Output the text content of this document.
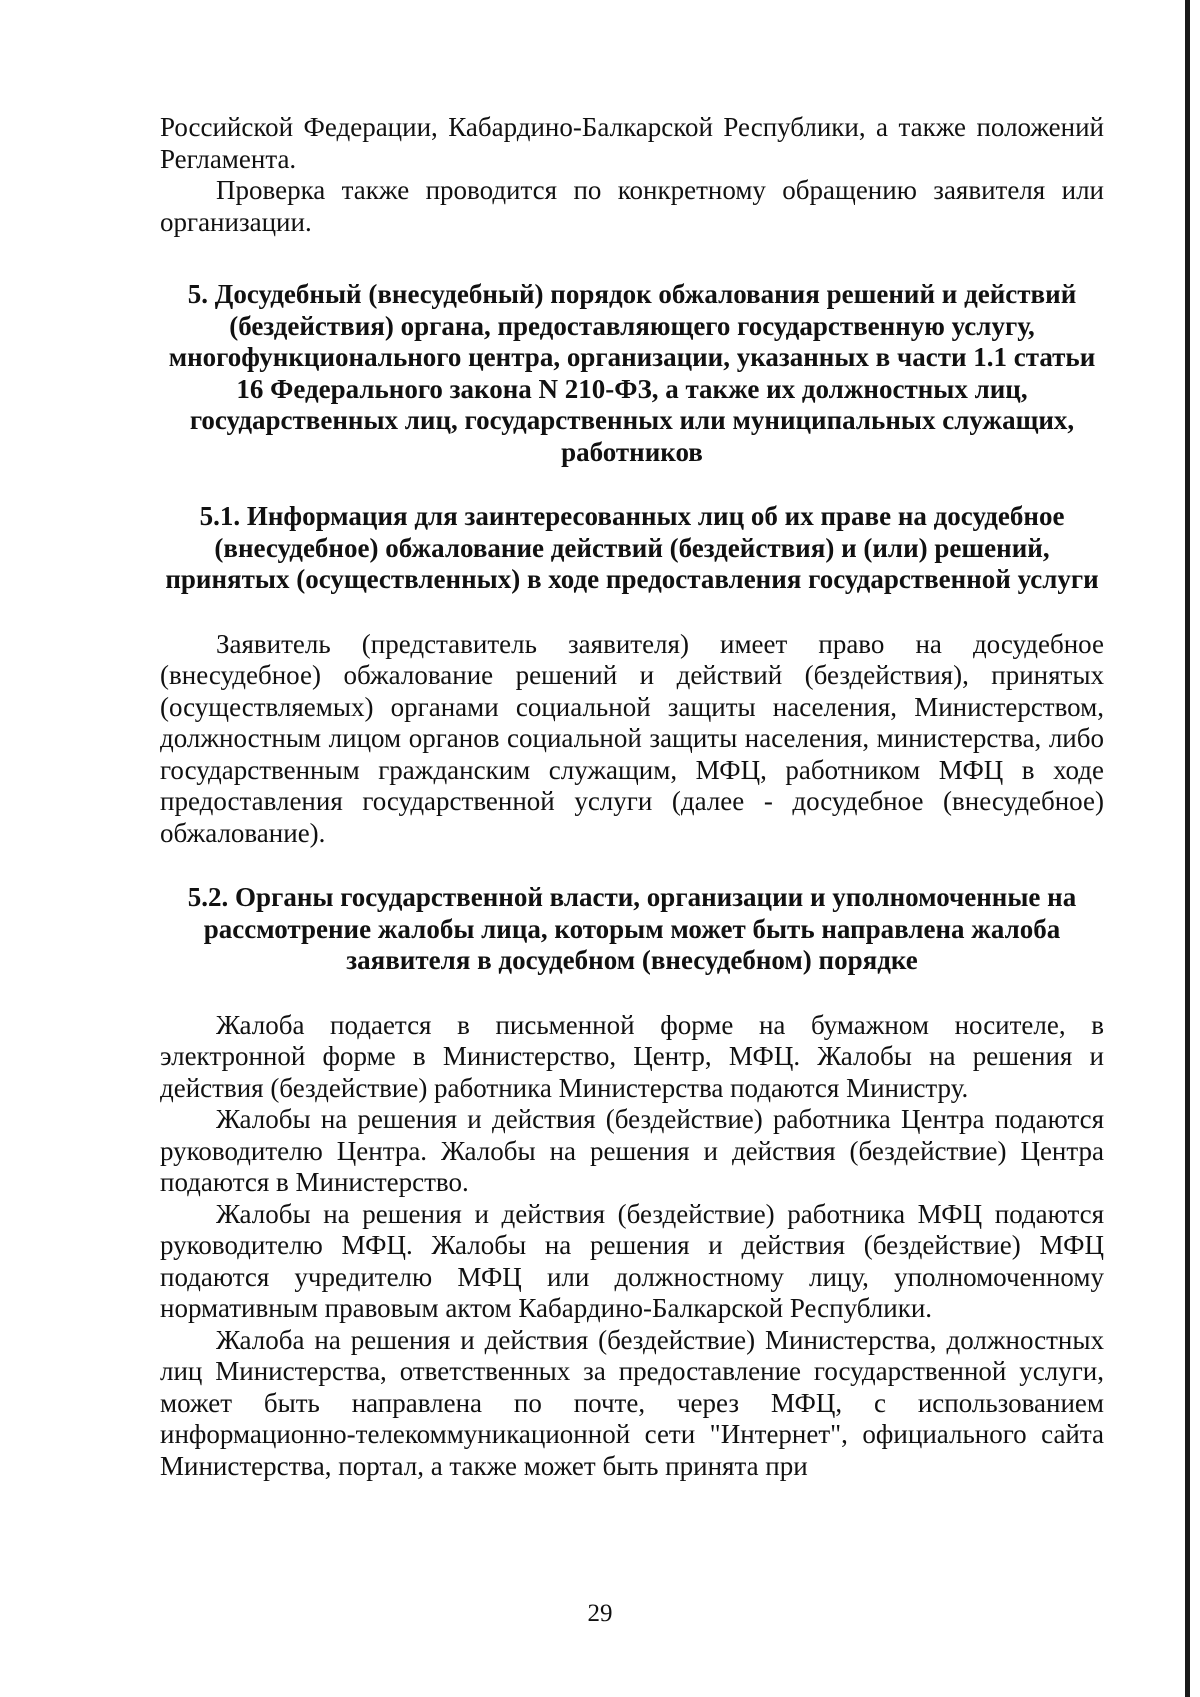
Российской Федерации, Кабардино-Балкарской Республики, а также положений Регламента.

Проверка также проводится по конкретному обращению заявителя или организации.

5. Досудебный (внесудебный) порядок обжалования решений и действий (бездействия) органа, предоставляющего государственную услугу, многофункционального центра, организации, указанных в части 1.1 статьи 16 Федерального закона N 210-ФЗ, а также их должностных лиц, государственных лиц, государственных или муниципальных служащих, работников
5.1. Информация для заинтересованных лиц об их праве на досудебное (внесудебное) обжалование действий (бездействия) и (или) решений, принятых (осуществленных) в ходе предоставления государственной услуги

Заявитель (представитель заявителя) имеет право на досудебное (внесудебное) обжалование решений и действий (бездействия), принятых (осуществляемых) органами социальной защиты населения, Министерством, должностным лицом органов социальной защиты населения, министерства, либо государственным гражданским служащим, МФЦ, работником МФЦ в ходе предоставления государственной услуги (далее - досудебное (внесудебное) обжалование).

5.2. Органы государственной власти, организации и уполномоченные на рассмотрение жалобы лица, которым может быть направлена жалоба заявителя в досудебном (внесудебном) порядке

Жалоба подается в письменной форме на бумажном носителе, в электронной форме в Министерство, Центр, МФЦ. Жалобы на решения и действия (бездействие) работника Министерства подаются Министру.

Жалобы на решения и действия (бездействие) работника Центра подаются руководителю Центра. Жалобы на решения и действия (бездействие) Центра подаются в Министерство.

Жалобы на решения и действия (бездействие) работника МФЦ подаются руководителю МФЦ. Жалобы на решения и действия (бездействие) МФЦ подаются учредителю МФЦ или должностному лицу, уполномоченному нормативным правовым актом Кабардино-Балкарской Республики.

Жалоба на решения и действия (бездействие) Министерства, должностных лиц Министерства, ответственных за предоставление государственной услуги, может быть направлена по почте, через МФЦ, с использованием информационно-телекоммуникационной сети "Интернет", официального сайта Министерства, портал, а также может быть принята при

29
